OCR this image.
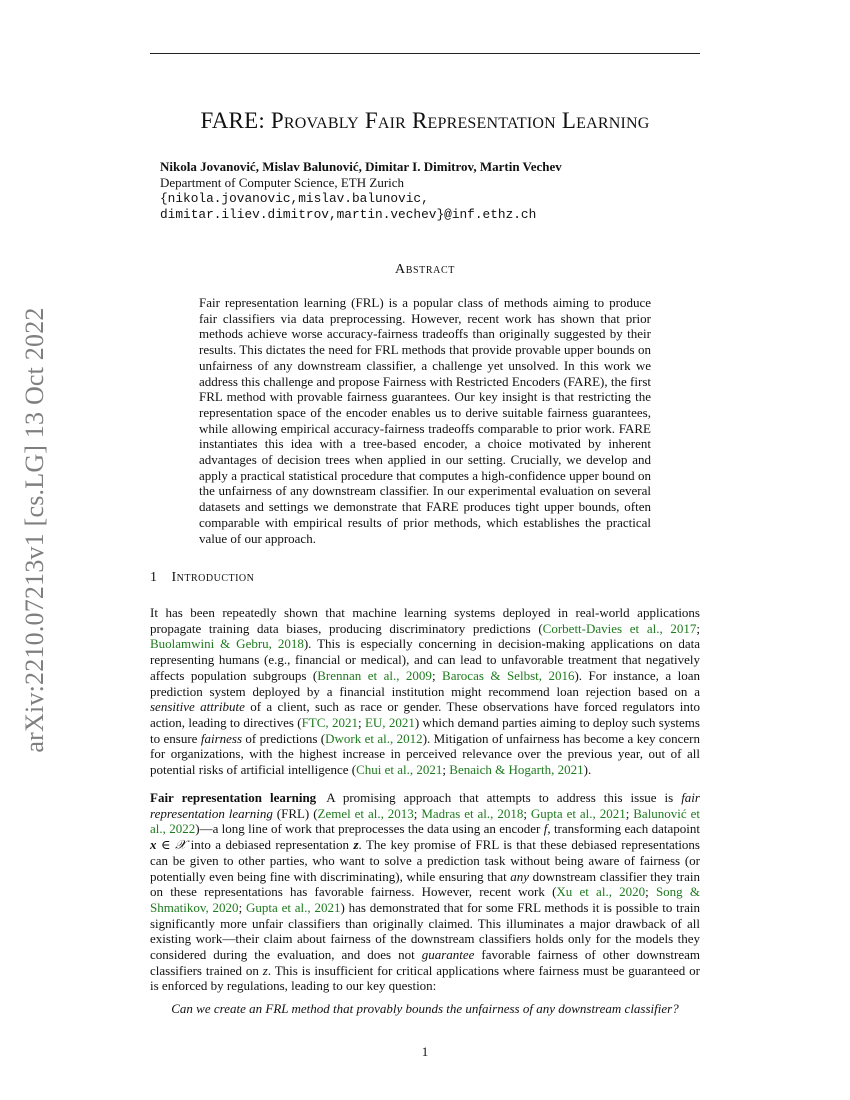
arXiv:2210.07213v1 [cs.LG] 13 Oct 2022
FARE: Provably Fair Representation Learning
Nikola Jovanović, Mislav Balunović, Dimitar I. Dimitrov, Martin Vechev
Department of Computer Science, ETH Zurich
{nikola.jovanovic,mislav.balunovic,
dimitar.iliev.dimitrov,martin.vechev}@inf.ethz.ch
Abstract
Fair representation learning (FRL) is a popular class of methods aiming to produce fair classifiers via data preprocessing. However, recent work has shown that prior methods achieve worse accuracy-fairness tradeoffs than originally suggested by their results. This dictates the need for FRL methods that provide provable upper bounds on unfairness of any downstream classifier, a challenge yet unsolved. In this work we address this challenge and propose Fairness with Restricted Encoders (FARE), the first FRL method with provable fairness guarantees. Our key insight is that restricting the representation space of the encoder enables us to derive suitable fairness guarantees, while allowing empirical accuracy-fairness tradeoffs comparable to prior work. FARE instantiates this idea with a tree-based encoder, a choice motivated by inherent advantages of decision trees when applied in our setting. Crucially, we develop and apply a practical statistical procedure that computes a high-confidence upper bound on the unfairness of any downstream classifier. In our experimental evaluation on several datasets and settings we demonstrate that FARE produces tight upper bounds, often comparable with empirical results of prior methods, which establishes the practical value of our approach.
1 Introduction
It has been repeatedly shown that machine learning systems deployed in real-world applications propagate training data biases, producing discriminatory predictions (Corbett-Davies et al., 2017; Buolamwini & Gebru, 2018). This is especially concerning in decision-making applications on data representing humans (e.g., financial or medical), and can lead to unfavorable treatment that negatively affects population subgroups (Brennan et al., 2009; Barocas & Selbst, 2016). For instance, a loan prediction system deployed by a financial institution might recommend loan rejection based on a sensitive attribute of a client, such as race or gender. These observations have forced regulators into action, leading to directives (FTC, 2021; EU, 2021) which demand parties aiming to deploy such systems to ensure fairness of predictions (Dwork et al., 2012). Mitigation of unfairness has become a key concern for organizations, with the highest increase in perceived relevance over the previous year, out of all potential risks of artificial intelligence (Chui et al., 2021; Benaich & Hogarth, 2021).
Fair representation learning A promising approach that attempts to address this issue is fair representation learning (FRL) (Zemel et al., 2013; Madras et al., 2018; Gupta et al., 2021; Balunović et al., 2022)—a long line of work that preprocesses the data using an encoder f, transforming each datapoint x ∈ 𝒳 into a debiased representation z. The key promise of FRL is that these debiased representations can be given to other parties, who want to solve a prediction task without being aware of fairness (or potentially even being fine with discriminating), while ensuring that any downstream classifier they train on these representations has favorable fairness. However, recent work (Xu et al., 2020; Song & Shmatikov, 2020; Gupta et al., 2021) has demonstrated that for some FRL methods it is possible to train significantly more unfair classifiers than originally claimed. This illuminates a major drawback of all existing work—their claim about fairness of the downstream classifiers holds only for the models they considered during the evaluation, and does not guarantee favorable fairness of other downstream classifiers trained on z. This is insufficient for critical applications where fairness must be guaranteed or is enforced by regulations, leading to our key question:
Can we create an FRL method that provably bounds the unfairness of any downstream classifier?
1
